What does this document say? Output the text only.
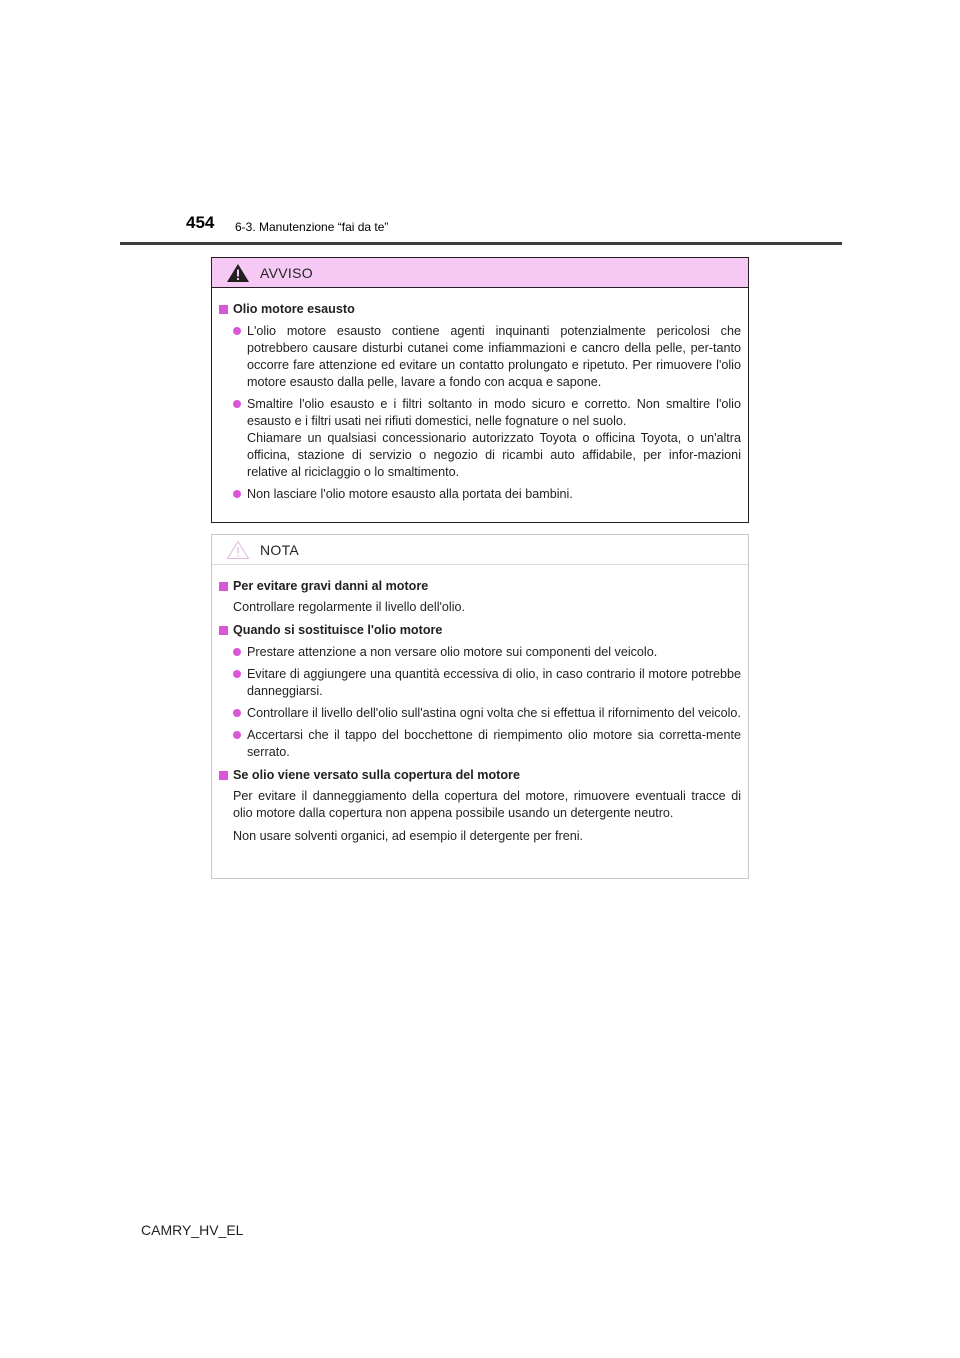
454 6-3. Manutenzione “fai da te”
AVVISO
Olio motore esausto
L'olio motore esausto contiene agenti inquinanti potenzialmente pericolosi che potrebbero causare disturbi cutanei come infiammazioni e cancro della pelle, per-tanto occorre fare attenzione ed evitare un contatto prolungato e ripetuto. Per rimuovere l'olio motore esausto dalla pelle, lavare a fondo con acqua e sapone.
Smaltire l'olio esausto e i filtri soltanto in modo sicuro e corretto. Non smaltire l'olio esausto e i filtri usati nei rifiuti domestici, nelle fognature o nel suolo.
Chiamare un qualsiasi concessionario autorizzato Toyota o officina Toyota, o un'altra officina, stazione di servizio o negozio di ricambi auto affidabile, per infor-mazioni relative al riciclaggio o lo smaltimento.
Non lasciare l'olio motore esausto alla portata dei bambini.
NOTA
Per evitare gravi danni al motore
Controllare regolarmente il livello dell'olio.
Quando si sostituisce l'olio motore
Prestare attenzione a non versare olio motore sui componenti del veicolo.
Evitare di aggiungere una quantità eccessiva di olio, in caso contrario il motore potrebbe danneggiarsi.
Controllare il livello dell'olio sull'astina ogni volta che si effettua il rifornimento del veicolo.
Accertarsi che il tappo del bocchettone di riempimento olio motore sia corretta-mente serrato.
Se olio viene versato sulla copertura del motore
Per evitare il danneggiamento della copertura del motore, rimuovere eventuali tracce di olio motore dalla copertura non appena possibile usando un detergente neutro.
Non usare solventi organici, ad esempio il detergente per freni.
CAMRY_HV_EL
